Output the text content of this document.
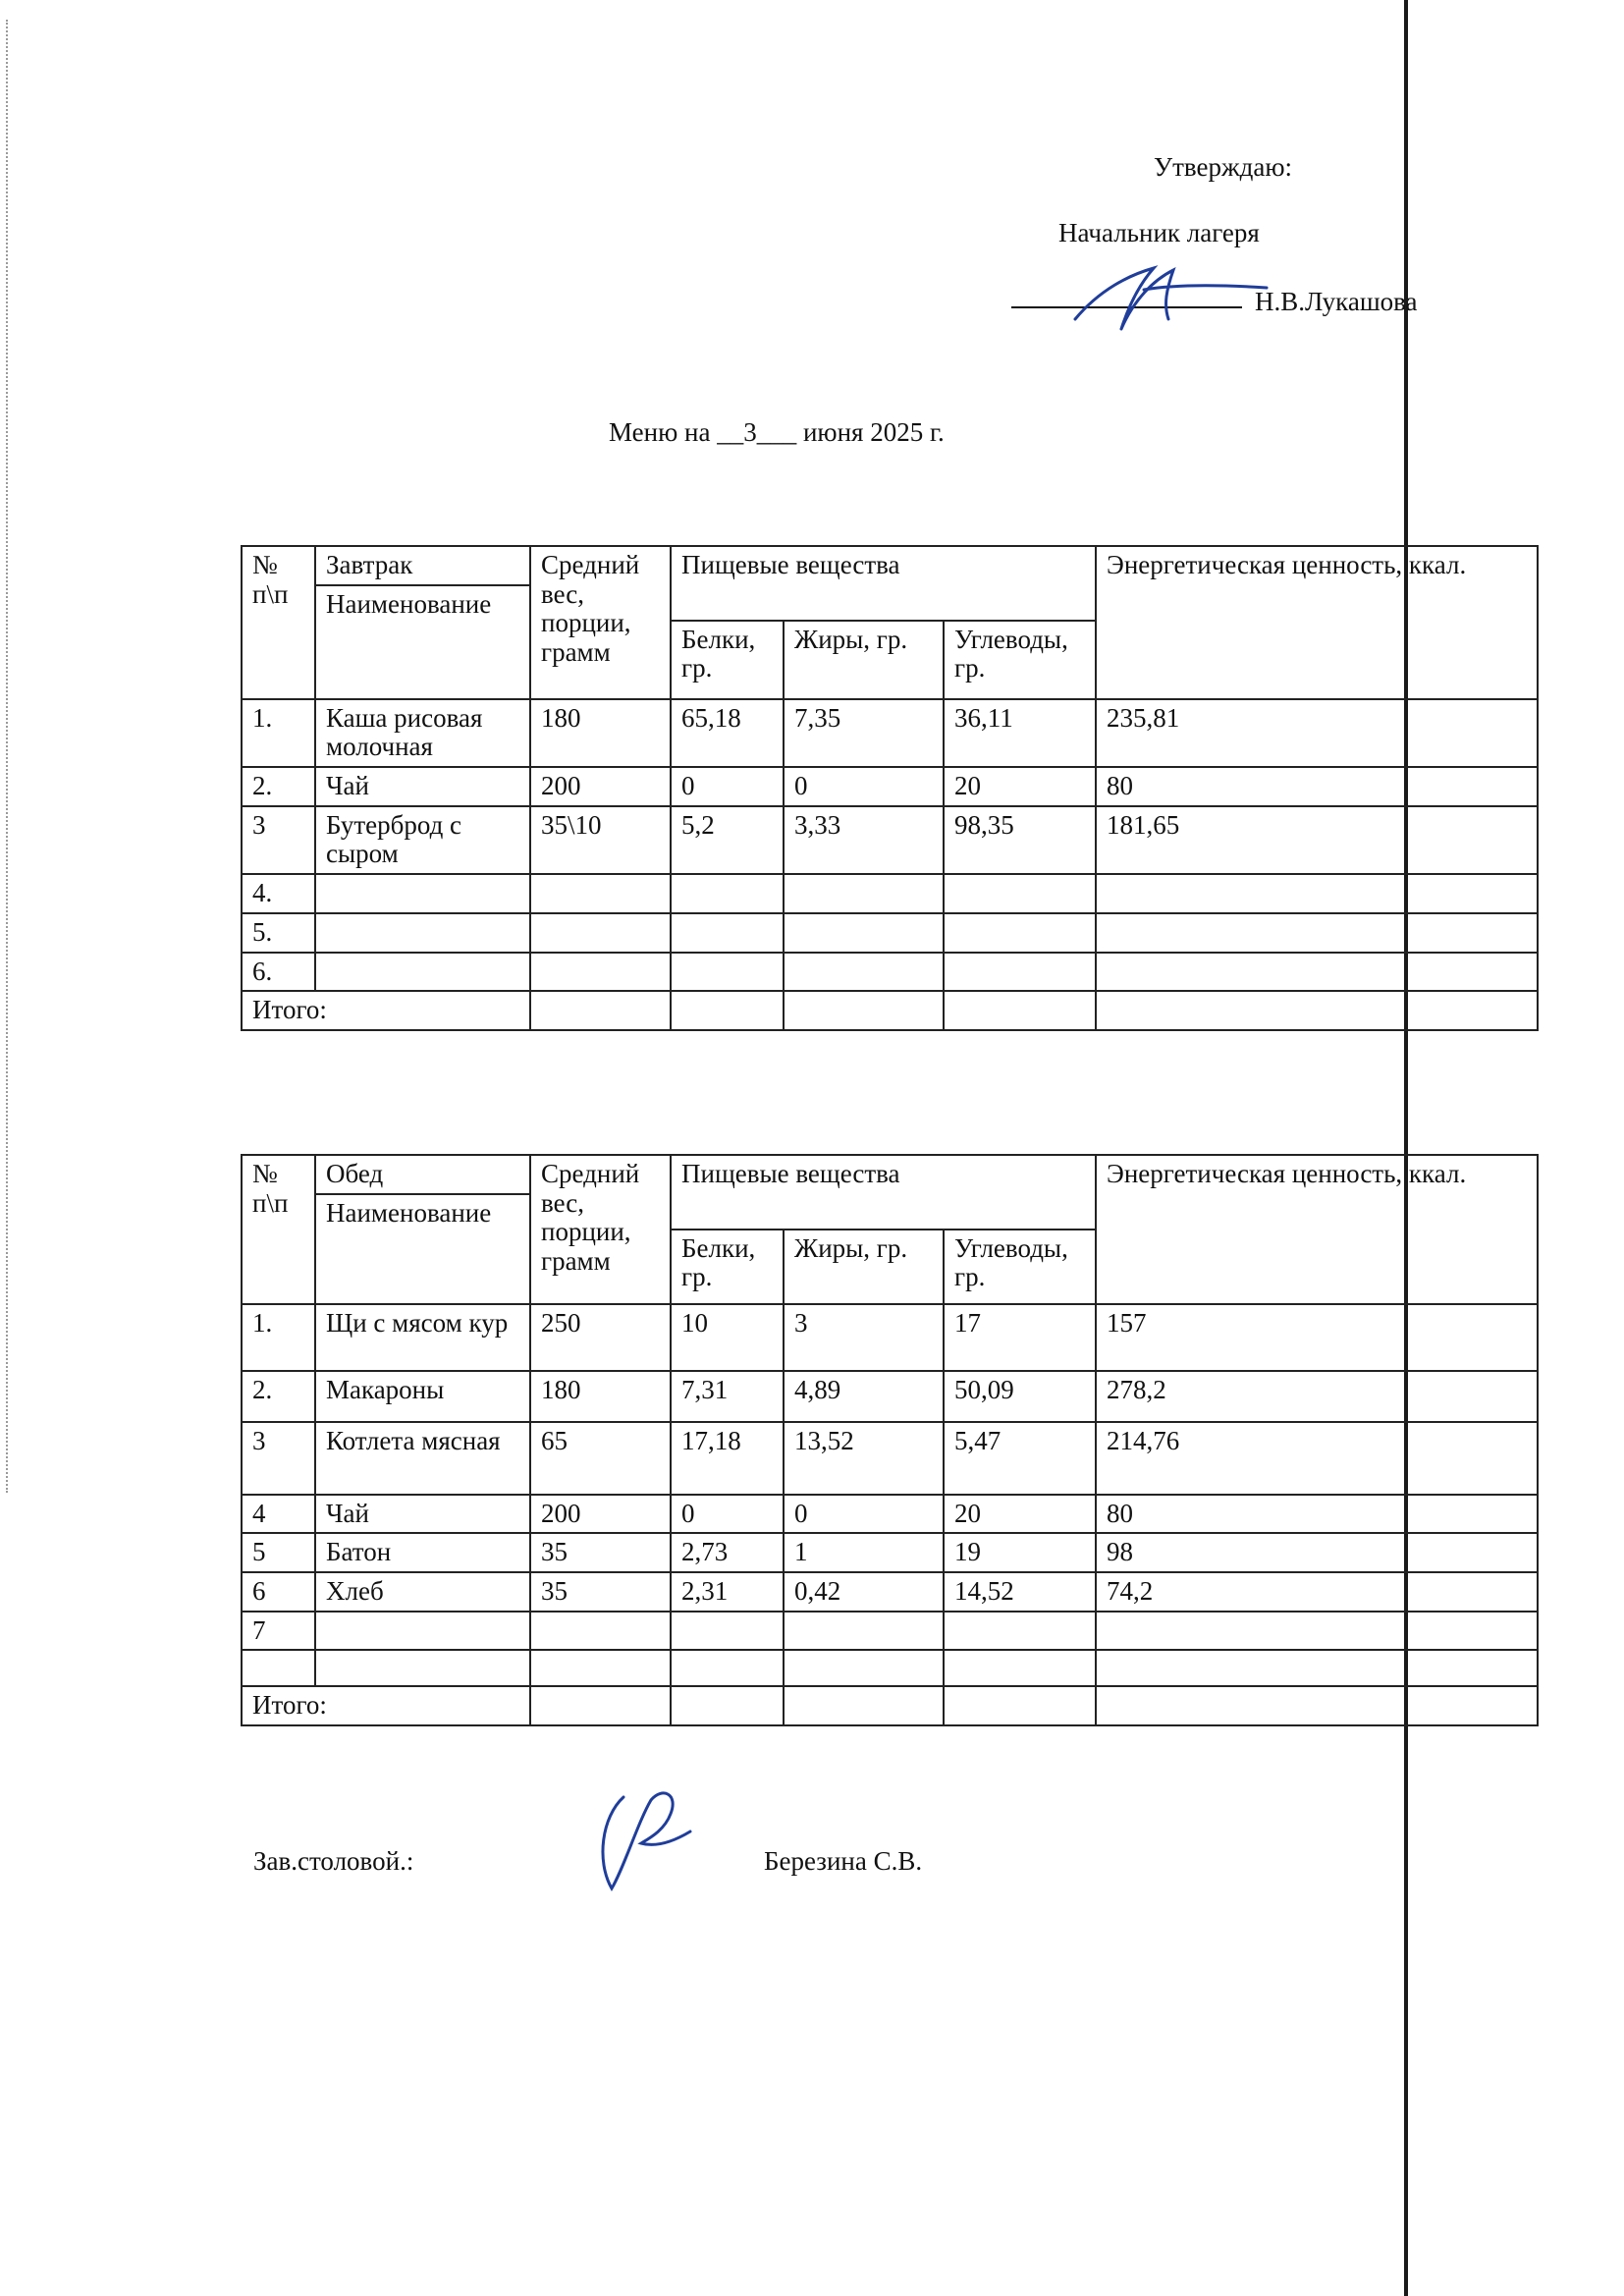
Утверждаю:
Начальник лагеря
Н.В.Лукашова
Меню на __3___ июня 2025 г.
№ п\п	Завтрак	Средний вес, порции, грамм	Пищевые вещества			Энергетическая ценность, ккал.
	Наименование					
			Белки, гр.	Жиры, гр.	Углеводы, гр.	
1.	Каша рисовая молочная	180	65,18	7,35	36,11	235,81
2.	Чай	200	0	0	20	80
3	Бутерброд с сыром	35\10	5,2	3,33	98,35	181,65
4.						
5.						
6.						
Итого:						
№ п\п	Обед	Средний вес, порции, грамм	Пищевые вещества			Энергетическая ценность, ккал.
	Наименование					
			Белки, гр.	Жиры, гр.	Углеводы, гр.	
1.	Щи с мясом кур	250	10	3	17	157
2.	Макароны	180	7,31	4,89	50,09	278,2
3	Котлета мясная	65	17,18	13,52	5,47	214,76
4	Чай	200	0	0	20	80
5	Батон	35	2,73	1	19	98
6	Хлеб	35	2,31	0,42	14,52	74,2
7						

Итого:						
Зав.столовой.:	Березина С.В.
